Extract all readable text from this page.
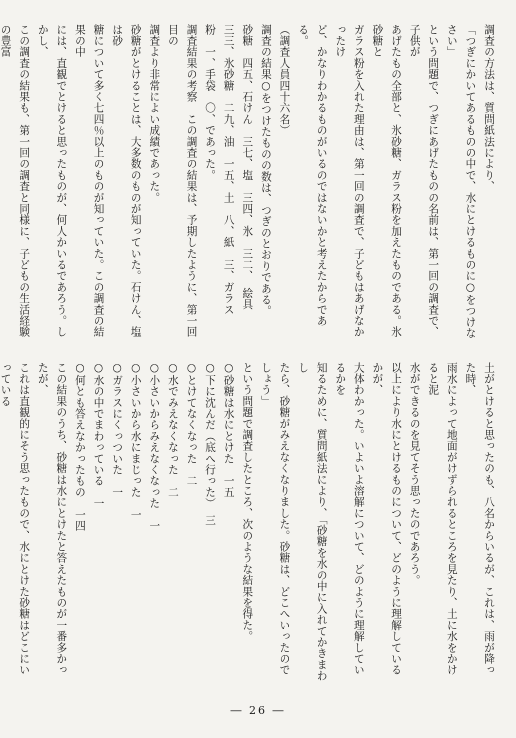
調査の方法は、質問紙法により、

「つぎにかいてあるものの中で、水にとけるものに○をつけなさい」

という問題で、つぎにあげたものの名前は、第一回の調査で、子供が

あげたもの全部と、氷砂糖、ガラス粉を加えたものである。氷砂糖と

ガラス粉を入れた理由は、第一回の調査で、子どもはあげなかったけ

ど、かなりわかるものがいるのではないかと考えたからである。

（調査人員四十六名）

調査の結果○をつけたものの数は、つぎのとおりである。

砂糖　四五、石けん　三七、塩　三四、氷　三二、　絵具

三三、氷砂糖　二九、油　一五、土　八、紙　三、ガラス

粉　一、手袋　〇、であった。

調査結果の考察　この調査の結果は、予期したように、第一回目の

調査より非常によい成績であった。

砂糖がとけることは、大多数のものが知っていた。石けん、塩は砂

糖について多く七四％以上のものが知っていた。この調査の結果の中

には、直観でとけると思ったものが、何人かいるであろう。しかし、

この調査の結果も、第一回の調査と同様に、子どもの生活経験の豊富

土がとけると思ったのも、八名からいるが、これは、雨が降った時、

雨水によって地面がけずられるところを見たり、土に水をかけると泥

水ができるのを見てそう思ったのであろう。

以上により水にとけるものについて、どのように理解しているかが、

大体わかった。いよいよ溶解について、どのように理解しているかを

知るために、質問紙法により、「砂糖を水の中に入れてかきまわし

たら、砂糖がみえなくなりました。砂糖は、どこへいったのでしょう」

という問題で調査したところ、次のような結果を得た。

○砂糖は水にとけた　一五

○下に沈んだ（底へ行った）　三

○とけてなくなった　二

○水でみえなくなった　二

○小さいからみえなくなった　一

○小さいから水にまじった　一

○ガラスにくっついた　一

○水の中でまわっている　一

○何とも答えなかったもの　一四

この結果のうち、砂糖は水にとけたと答えたものが一番多かったが、

これは直観的にそう思ったもので、水にとけた砂糖はどこにいっている

― 26 ―
